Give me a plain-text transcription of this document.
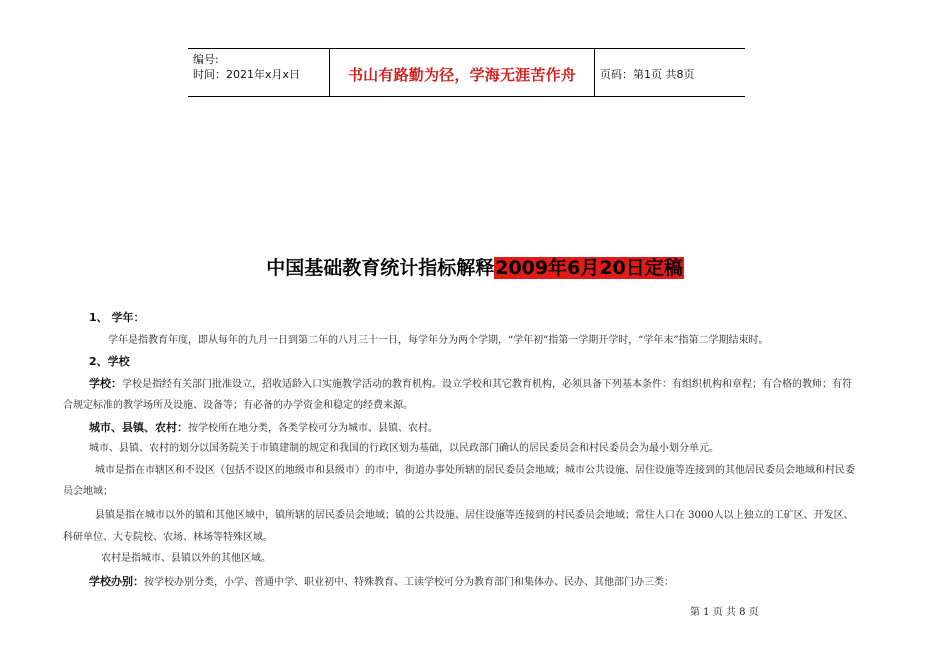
编号:
时间：2021年x月x日	书山有路勤为径，学海无涯苦作舟	页码：第1页 共8页
中国基础教育统计指标解释2009年6月20日定稿
1、 学年：
学年是指教育年度，即从每年的九月一日到第二年的八月三十一日，每学年分为两个学期，“学年初”指第一学期开学时，“学年末”指第二学期结束时。
2、学校
学校：学校是指经有关部门批准设立，招收适龄入口实施教学活动的教育机构。设立学校和其它教育机构，必须具备下列基本条件：有组织机构和章程；有合格的教师；有符
合规定标准的教学场所及设施、设备等；有必备的办学资金和稳定的经费来源。
城市、县镇、农村：按学校所在地分类，各类学校可分为城市、县镇、农村。
城市、县镇、农村的划分以国务院关于市镇建制的规定和我国的行政区划为基础，以民政部门确认的居民委员会和村民委员会为最小划分单元。
城市是指在市辖区和不设区（包括不设区的地级市和县级市）的市中，街道办事处所辖的居民委员会地域；城市公共设施、居住设施等连接到的其他居民委员会地域和村民委
员会地域；
县镇是指在城市以外的镇和其他区域中，镇所辖的居民委员会地域；镇的公共设施、居住设施等连接到的村民委员会地域；常住人口在 3000人以上独立的工矿区、开发区、
科研单位、大专院校、农场、林场等特殊区域。
农村是指城市、县镇以外的其他区域。
学校办别：按学校办别分类，小学、普通中学、职业初中、特殊教育、工读学校可分为教育部门和集体办、民办、其他部门办三类：
第 1 页 共 8 页
